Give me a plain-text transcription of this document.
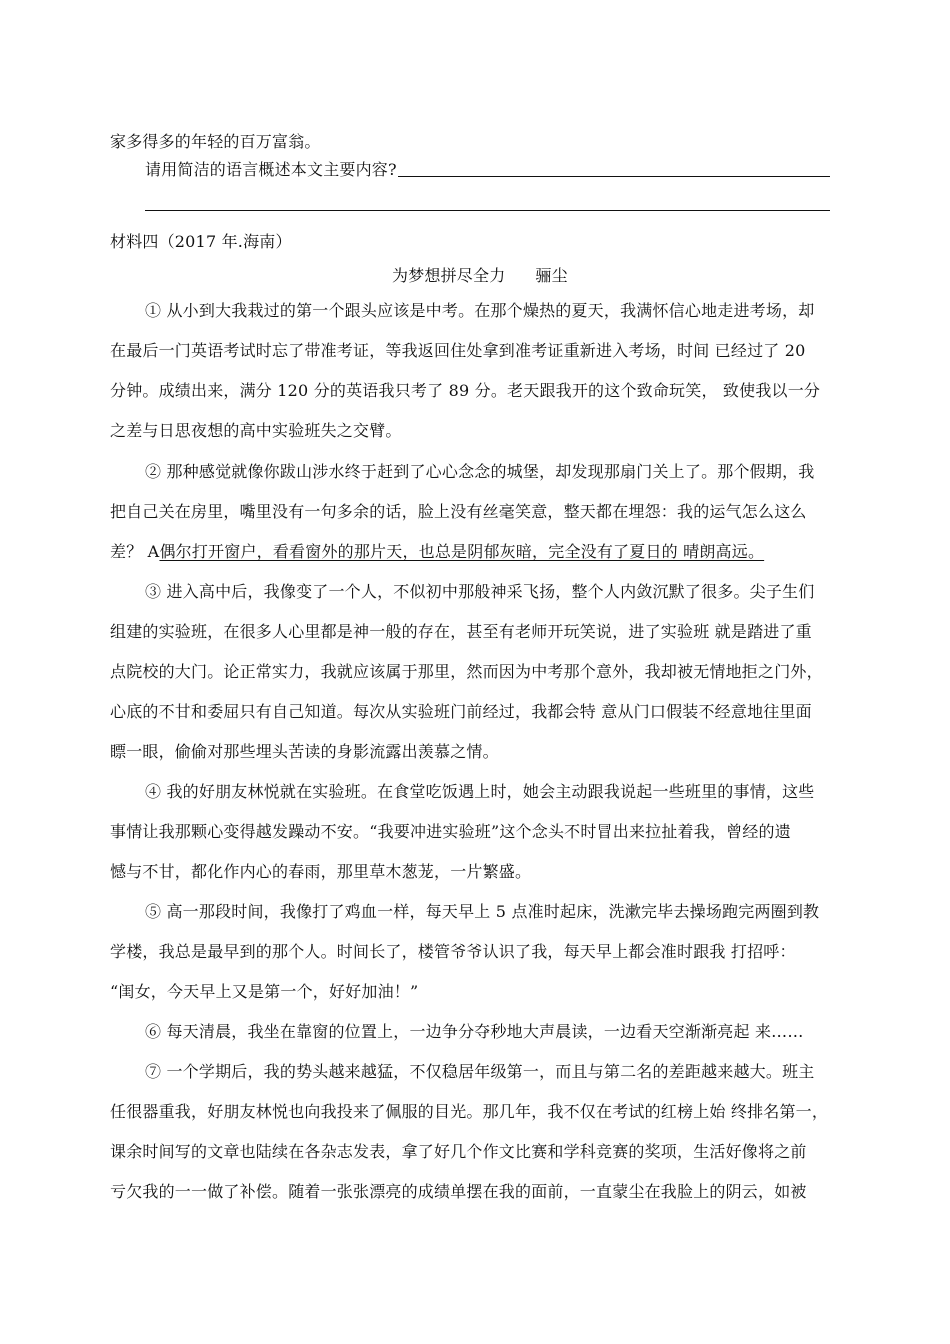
家多得多的年轻的百万富翁。
请用简洁的语言概述本文主要内容?
材料四（2017 年.海南）
为梦想拼尽全力 骊尘
① 从小到大我栽过的第一个跟头应该是中考。在那个燥热的夏天，我满怀信心地走进考场，却
在最后一门英语考试时忘了带准考证，等我返回住处拿到准考证重新进入考场，时间 已经过了 20
分钟。成绩出来，满分 120 分的英语我只考了 89 分。老天跟我开的这个致命玩笑， 致使我以一分
之差与日思夜想的高中实验班失之交臂。
② 那种感觉就像你跋山涉水终于赶到了心心念念的城堡，却发现那扇门关上了。那个假期，我
把自己关在房里，嘴里没有一句多余的话，脸上没有丝毫笑意，整天都在埋怨：我的运气怎么这么
差？ A偶尔打开窗户，看看窗外的那片天，也总是阴郁灰暗，完全没有了夏日的 晴朗高远。
③ 进入高中后，我像变了一个人，不似初中那般神采飞扬，整个人内敛沉默了很多。尖子生们
组建的实验班，在很多人心里都是神一般的存在，甚至有老师开玩笑说，进了实验班 就是踏进了重
点院校的大门。论正常实力，我就应该属于那里，然而因为中考那个意外，我却被无情地拒之门外，
心底的不甘和委屈只有自己知道。每次从实验班门前经过，我都会特 意从门口假装不经意地往里面
瞟一眼，偷偷对那些埋头苦读的身影流露出羡慕之情。
④ 我的好朋友林悦就在实验班。在食堂吃饭遇上时，她会主动跟我说起一些班里的事情，这些
事情让我那颗心变得越发躁动不安。“我要冲进实验班”这个念头不时冒出来拉扯着我，曾经的遗
憾与不甘，都化作内心的春雨，那里草木葱茏，一片繁盛。
⑤ 高一那段时间，我像打了鸡血一样，每天早上 5 点准时起床，洗漱完毕去操场跑完两圈到教
学楼，我总是最早到的那个人。时间长了，楼管爷爷认识了我，每天早上都会准时跟我 打招呼：
“闺女，今天早上又是第一个，好好加油！”
⑥ 每天清晨，我坐在靠窗的位置上，一边争分夺秒地大声晨读，一边看天空渐渐亮起 来……
⑦ 一个学期后，我的势头越来越猛，不仅稳居年级第一，而且与第二名的差距越来越大。班主
任很器重我，好朋友林悦也向我投来了佩服的目光。那几年，我不仅在考试的红榜上始 终排名第一，
课余时间写的文章也陆续在各杂志发表，拿了好几个作文比赛和学科竞赛的奖项，生活好像将之前
亏欠我的一一做了补偿。随着一张张漂亮的成绩单摆在我的面前，一直蒙尘在我脸上的阴云，如被
